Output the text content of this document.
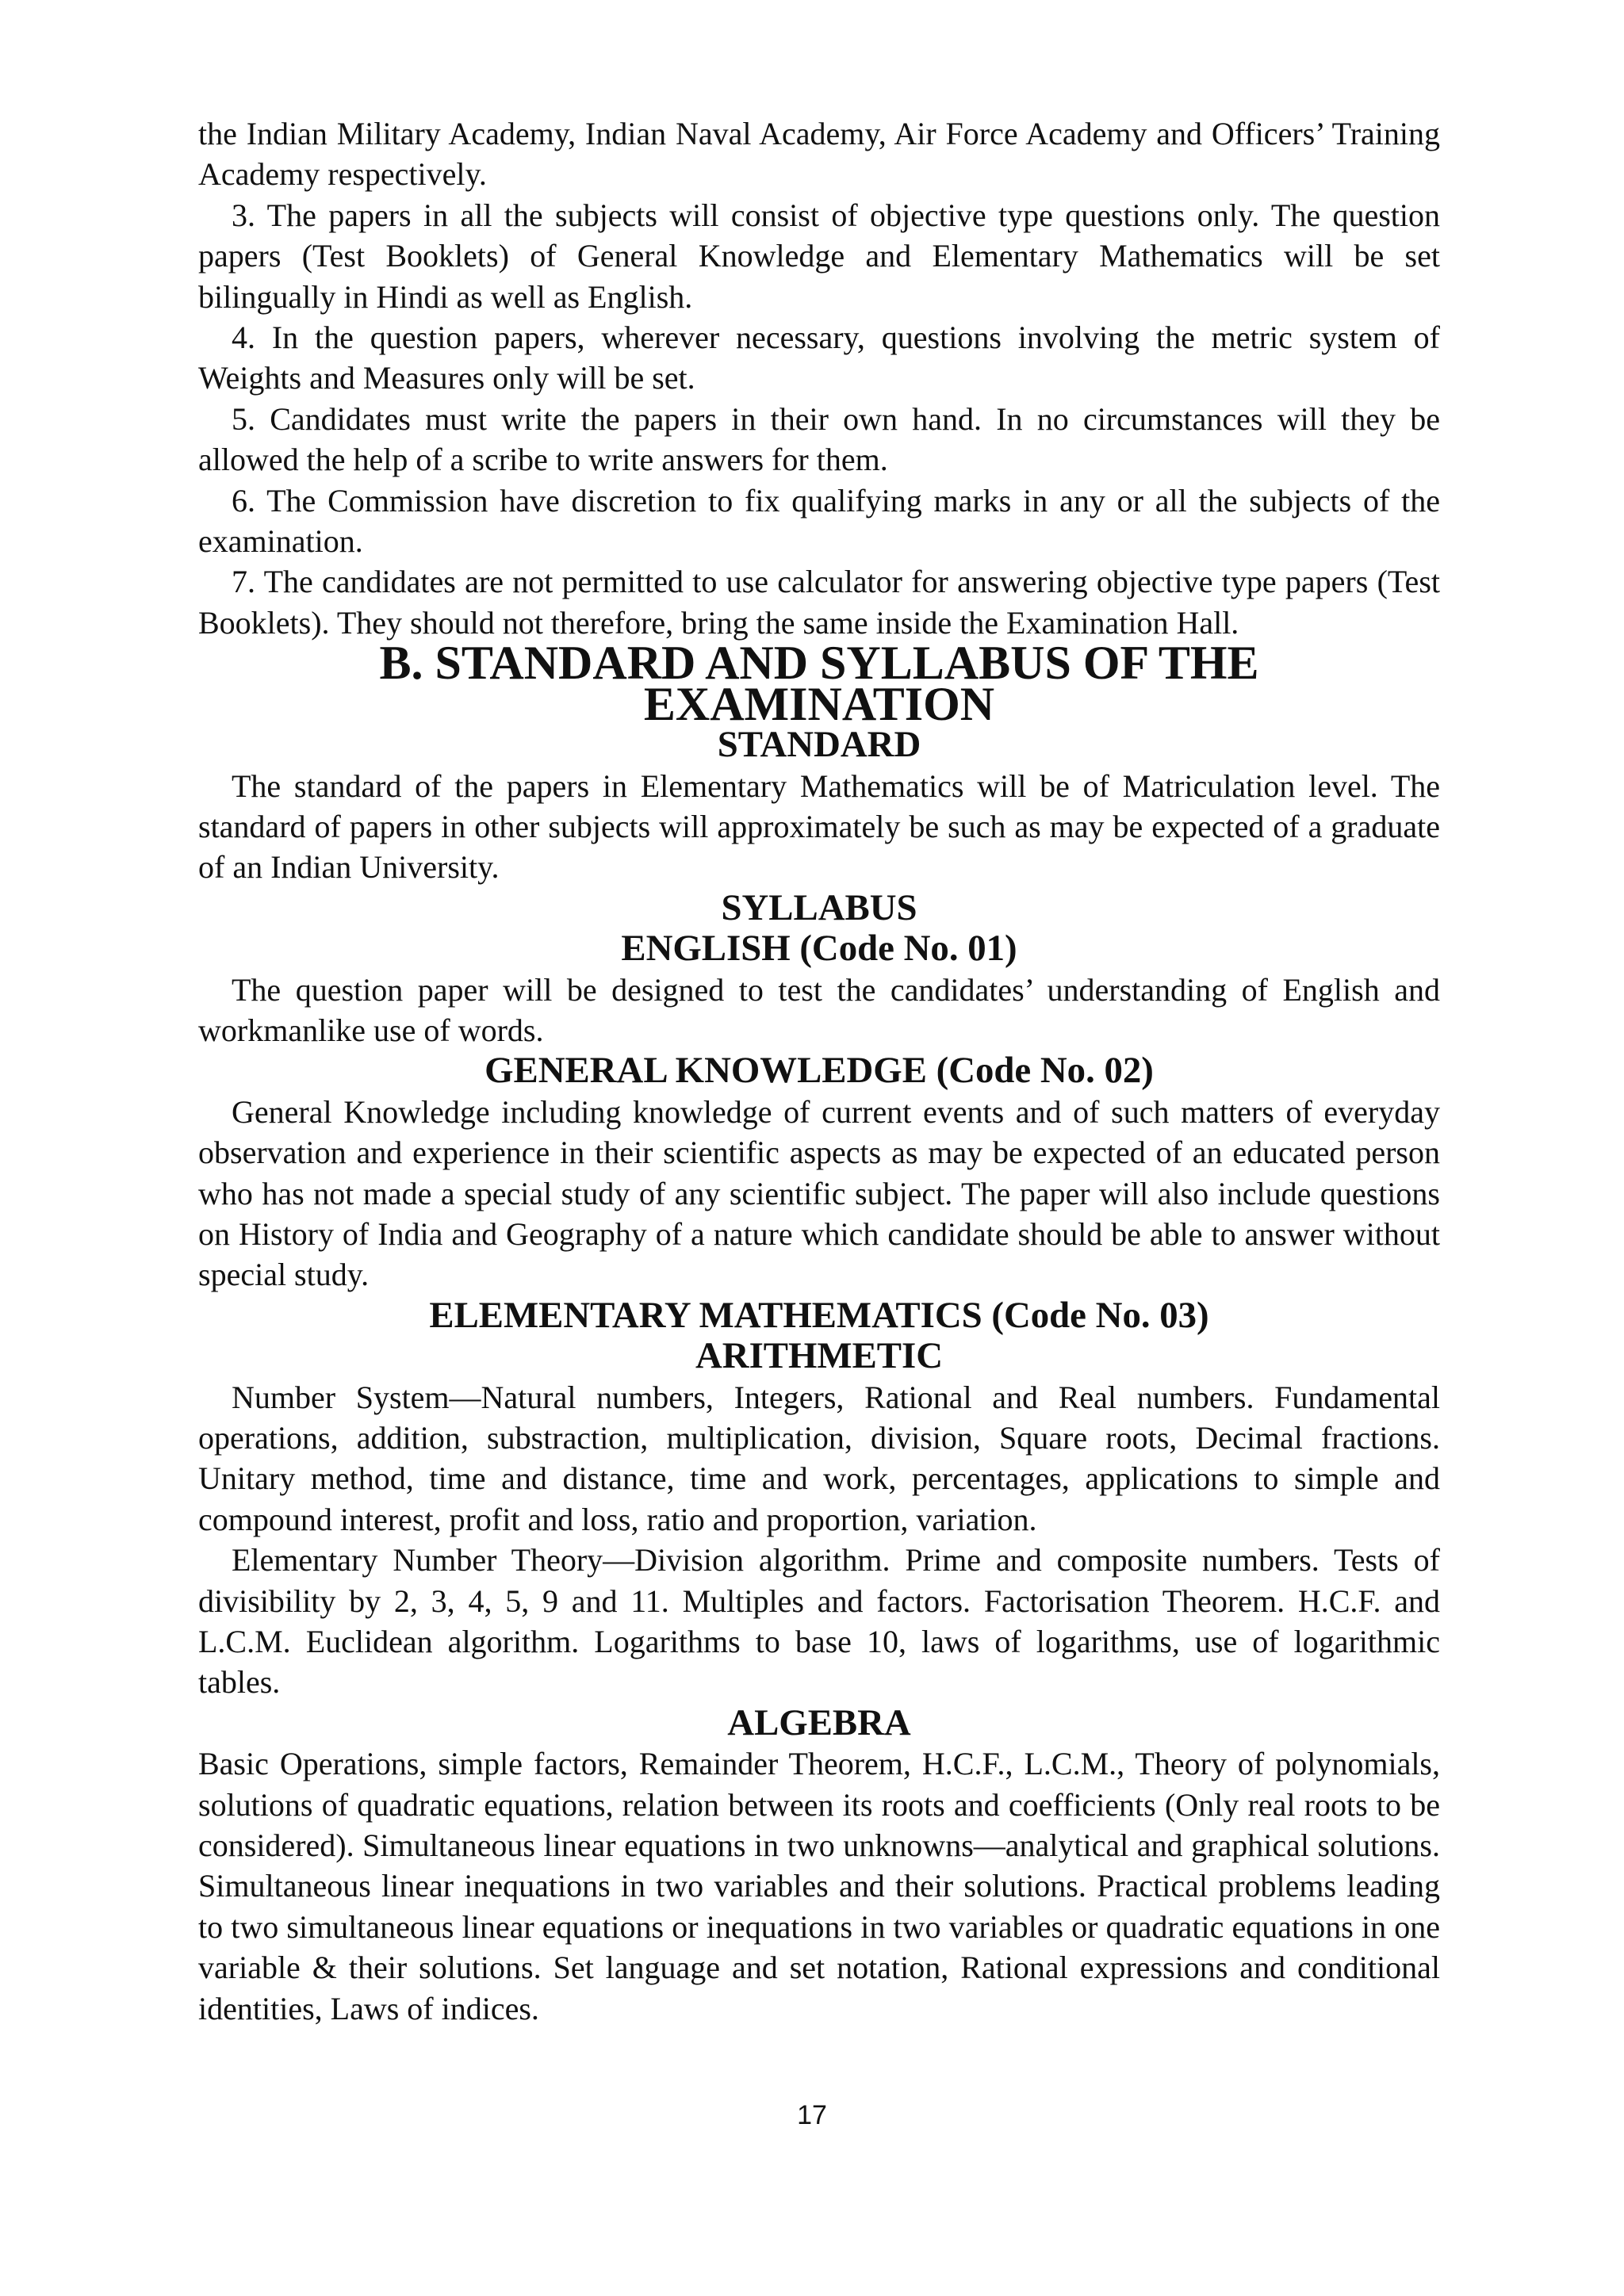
the Indian Military Academy, Indian Naval Academy, Air Force Academy and Officers’ Training Academy respectively.

3. The papers in all the subjects will consist of objective type questions only. The question papers (Test Booklets) of General Knowledge and Elementary Mathematics will be set bilingually in Hindi as well as English.

4. In the question papers, wherever necessary, questions involving the metric system of Weights and Measures only will be set.

5. Candidates must write the papers in their own hand. In no circumstances will they be allowed the help of a scribe to write answers for them.

6. The Commission have discretion to fix qualifying marks in any or all the subjects of the examination.

7. The candidates are not permitted to use calculator for answering objective type papers (Test Booklets). They should not therefore, bring the same inside the Examination Hall.

B. STANDARD AND SYLLABUS OF THE EXAMINATION
STANDARD

The standard of the papers in Elementary Mathematics will be of Matriculation level. The standard of papers in other subjects will approximately be such as may be expected of a graduate of an Indian University.

SYLLABUS
ENGLISH (Code No. 01)

The question paper will be designed to test the candidates’ understanding of English and workmanlike use of words.

GENERAL KNOWLEDGE (Code No. 02)

General Knowledge including knowledge of current events and of such matters of everyday observation and experience in their scientific aspects as may be expected of an educated person who has not made a special study of any scientific subject. The paper will also include questions on History of India and Geography of a nature which candidate should be able to answer without special study.

ELEMENTARY MATHEMATICS (Code No. 03)
ARITHMETIC

Number System—Natural numbers, Integers, Rational and Real numbers. Fundamental operations, addition, substraction, multiplication, division, Square roots, Decimal fractions. Unitary method, time and distance, time and work, percentages, applications to simple and compound interest, profit and loss, ratio and proportion, variation.

Elementary Number Theory—Division algorithm. Prime and composite numbers. Tests of divisibility by 2, 3, 4, 5, 9 and 11. Multiples and factors. Factorisation Theorem. H.C.F. and L.C.M. Euclidean algorithm. Logarithms to base 10, laws of logarithms, use of logarithmic tables.

ALGEBRA

Basic Operations, simple factors, Remainder Theorem, H.C.F., L.C.M., Theory of polynomials, solutions of quadratic equations, relation between its roots and coefficients (Only real roots to be considered). Simultaneous linear equations in two unknowns—analytical and graphical solutions. Simultaneous linear inequations in two variables and their solutions. Practical problems leading to two simultaneous linear equations or inequations in two variables or quadratic equations in one variable & their solutions. Set language and set notation, Rational expressions and conditional identities, Laws of indices.

17
